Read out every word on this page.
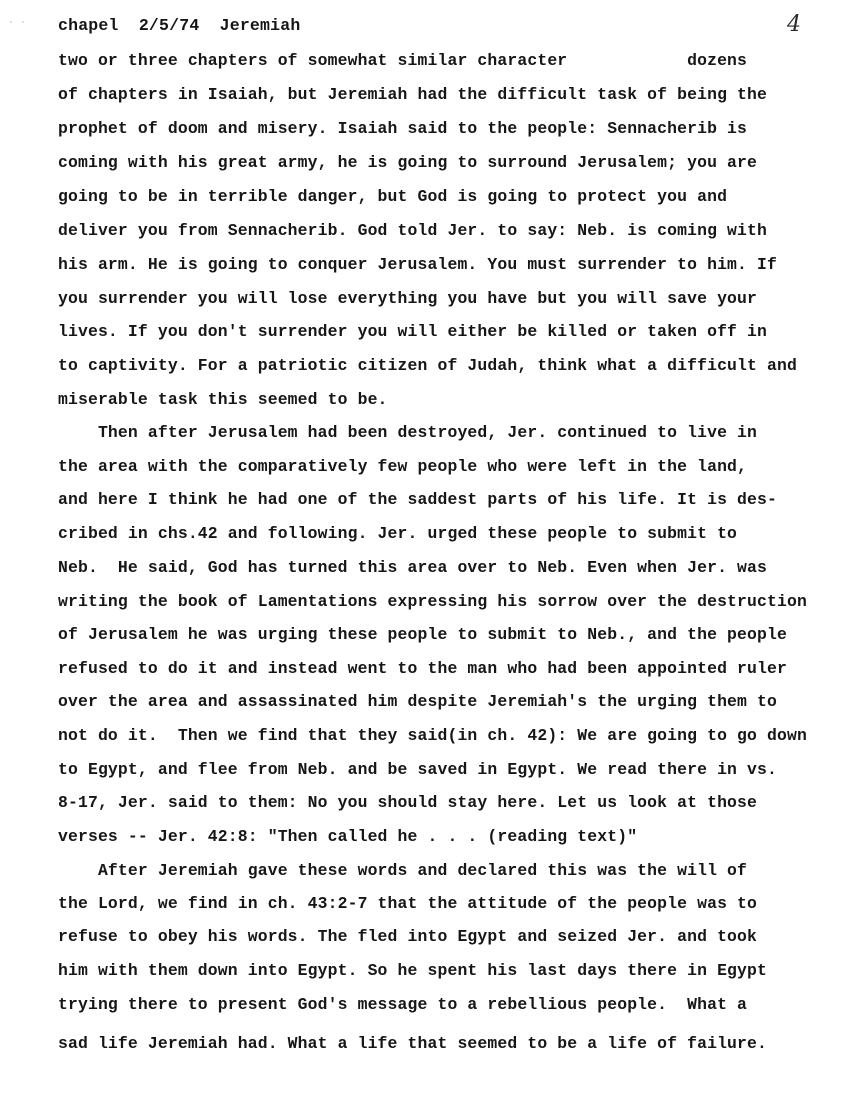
˙ ˙ chapel  2/5/74  Jeremiah	4
two or three chapters of somewhat similar character            dozens
of chapters in Isaiah, but Jeremiah had the difficult task of being the
prophet of doom and misery. Isaiah said to the people: Sennacherib is
coming with his great army, he is going to surround Jerusalem; you are
going to be in terrible danger, but God is going to protect you and
deliver you from Sennacherib. God told Jer. to say: Neb. is coming with
his arm. He is going to conquer Jerusalem. You must surrender to him. If
you surrender you will lose everything you have but you will save your
lives. If you don't surrender you will either be killed or taken off in
to captivity. For a patriotic citizen of Judah, think what a difficult and
miserable task this seemed to be.
Then after Jerusalem had been destroyed, Jer. continued to live in
the area with the comparatively few people who were left in the land,
and here I think he had one of the saddest parts of his life. It is des-
cribed in chs.42 and following. Jer. urged these people to submit to
Neb.  He said, God has turned this area over to Neb. Even when Jer. was
writing the book of Lamentations expressing his sorrow over the destruction
of Jerusalem he was urging these people to submit to Neb., and the people
refused to do it and instead went to the man who had been appointed ruler
over the area and assassinated him despite Jeremiah's the urging them to
not do it.  Then we find that they said(in ch. 42): We are going to go down
to Egypt, and flee from Neb. and be saved in Egypt. We read there in vs.
8-17, Jer. said to them: No you should stay here. Let us look at those
verses -- Jer. 42:8: "Then called he . . . (reading text)"
After Jeremiah gave these words and declared this was the will of
the Lord, we find in ch. 43:2-7 that the attitude of the people was to
refuse to obey his words. The fled into Egypt and seized Jer. and took
him with them down into Egypt. So he spent his last days there in Egypt
trying there to present God's message to a rebellious people.  What a
sad life Jeremiah had. What a life that seemed to be a life of failure.
